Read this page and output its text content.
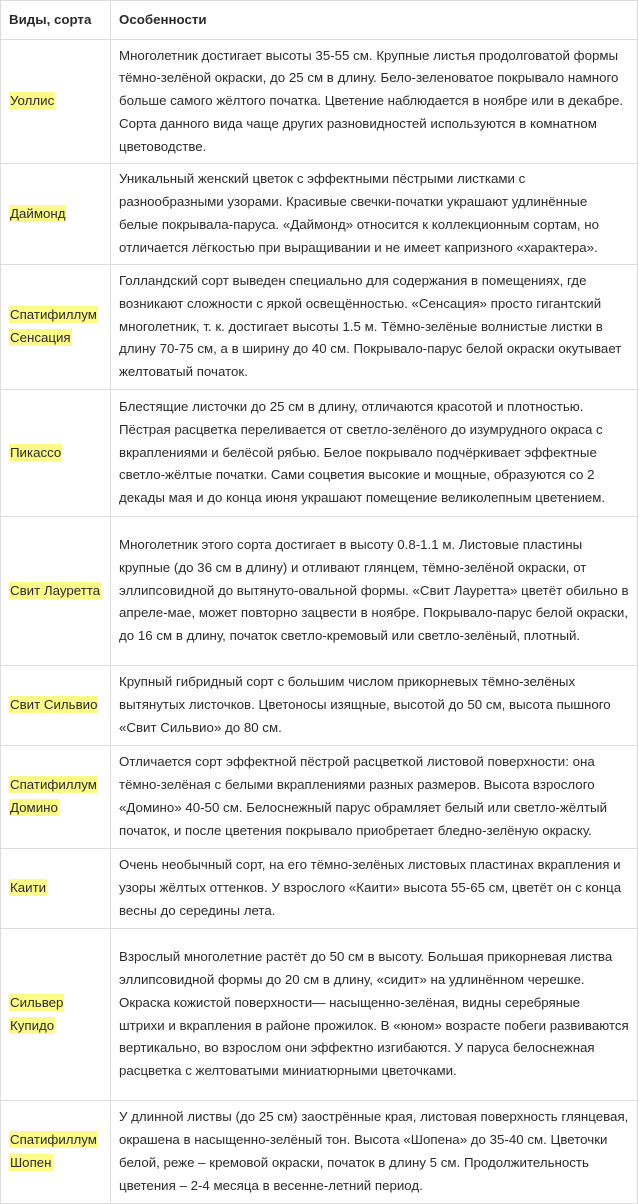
Виды, сорта	Особенности
Уоллис	Многолетник достигает высоты 35-55 см. Крупные листья продолговатой формы тёмно-зелёной окраски, до 25 см в длину. Бело-зеленоватое покрывало намного больше самого жёлтого початка. Цветение наблюдается в ноябре или в декабре. Сорта данного вида чаще других разновидностей используются в комнатном цветоводстве.
Даймонд	Уникальный женский цветок с эффектными пёстрыми листками с разнообразными узорами. Красивые свечки-початки украшают удлинённые белые покрывала-паруса. «Даймонд» относится к коллекционным сортам, но отличается лёгкостью при выращивании и не имеет капризного «характера».
Спатифиллум
Сенсация	Голландский сорт выведен специально для содержания в помещениях, где возникают сложности с яркой освещённостью. «Сенсация» просто гигантский многолетник, т. к. достигает высоты 1.5 м. Тёмно-зелёные волнистые листки в длину 70-75 см, а в ширину до 40 см. Покрывало-парус белой окраски окутывает желтоватый початок.
Пикассо	Блестящие листочки до 25 см в длину, отличаются красотой и плотностью. Пёстрая расцветка переливается от светло-зелёного до изумрудного окраса с вкраплениями и белёсой рябью. Белое покрывало подчёркивает эффектные светло-жёлтые початки. Сами соцветия высокие и мощные, образуются со 2 декады мая и до конца июня украшают помещение великолепным цветением.
Свит Лауретта	Многолетник этого сорта достигает в высоту 0.8-1.1 м. Листовые пластины крупные (до 36 см в длину) и отливают глянцем, тёмно-зелёной окраски, от эллипсовидной до вытянуто-овальной формы. «Свит Лауретта» цветёт обильно в апреле-мае, может повторно зацвести в ноябре. Покрывало-парус белой окраски, до 16 см в длину, початок светло-кремовый или светло-зелёный, плотный.
Свит Сильвио	Крупный гибридный сорт с большим числом прикорневых тёмно-зелёных вытянутых листочков. Цветоносы изящные, высотой до 50 см, высота пышного «Свит Сильвио» до 80 см.
Спатифиллум
Домино	Отличается сорт эффектной пёстрой расцветкой листовой поверхности: она тёмно-зелёная с белыми вкраплениями разных размеров. Высота взрослого «Домино» 40-50 см. Белоснежный парус обрамляет белый или светло-жёлтый початок, и после цветения покрывало приобретает бледно-зелёную окраску.
Каити	Очень необычный сорт, на его тёмно-зелёных листовых пластинах вкрапления и узоры жёлтых оттенков. У взрослого «Каити» высота 55-65 см, цветёт он с конца весны до середины лета.
Сильвер
Купидо	Взрослый многолетние растёт до 50 см в высоту. Большая прикорневая листва эллипсовидной формы до 20 см в длину, «сидит» на удлинённом черешке. Окраска кожистой поверхности— насыщенно-зелёная, видны серебряные штрихи и вкрапления в районе прожилок. В «юном» возрасте побеги развиваются вертикально, во взрослом они эффектно изгибаются. У паруса белоснежная расцветка с желтоватыми миниатюрными цветочками.
Спатифиллум
Шопен	У длинной листвы (до 25 см) заострённые края, листовая поверхность глянцевая, окрашена в насыщенно-зелёный тон. Высота «Шопена» до 35-40 см. Цветочки белой, реже – кремовой окраски, початок в длину 5 см. Продолжительность цветения – 2-4 месяца в весенне-летний период.
